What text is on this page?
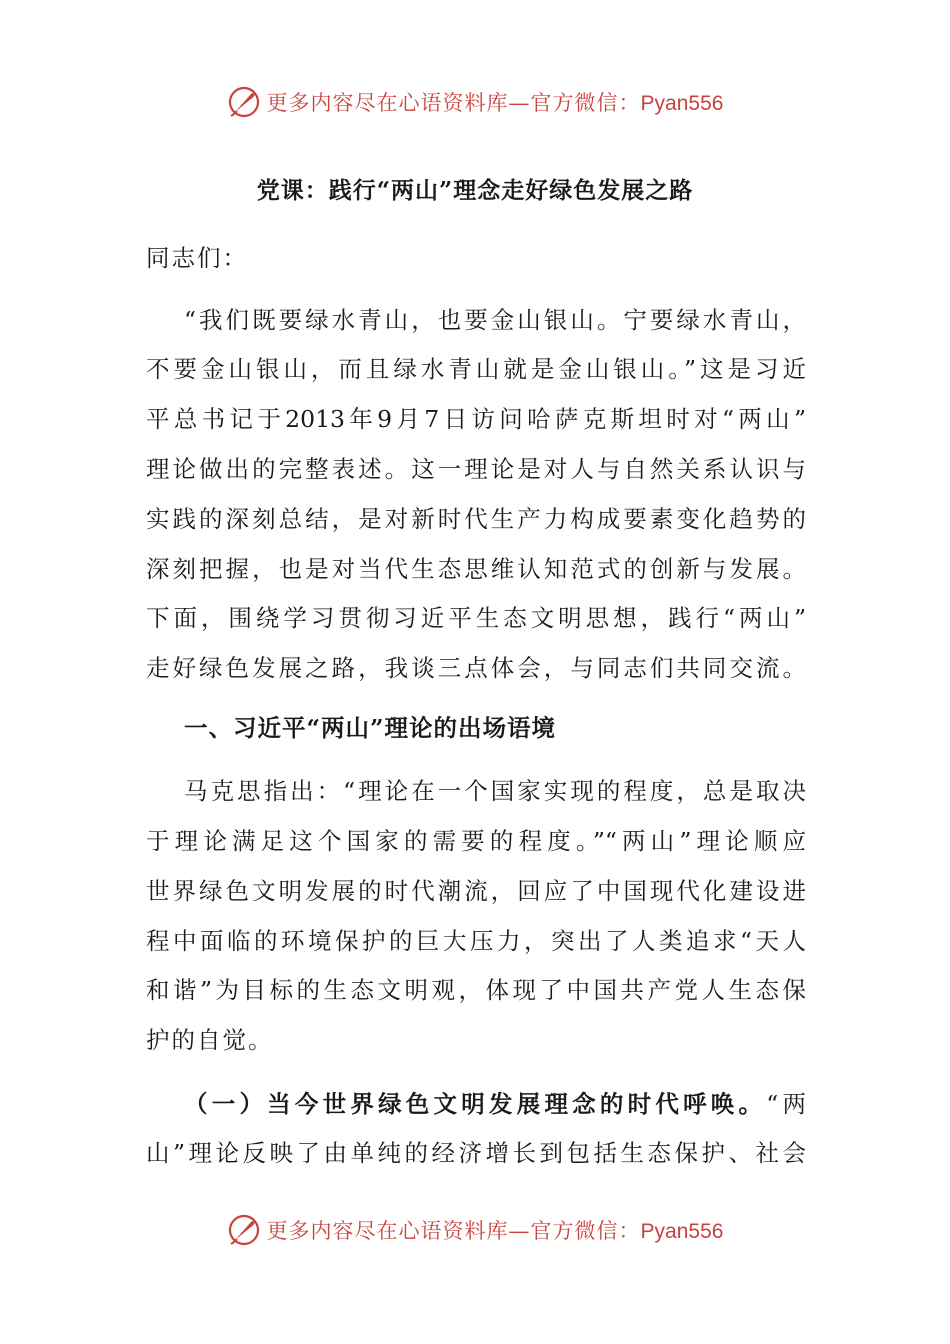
更多内容尽在心语资料库—官方微信：Pyan556
党课：践行“两山”理念走好绿色发展之路
同志们：
“我们既要绿水青山，也要金山银山。宁要绿水青山，
不要金山银山，而且绿水青山就是金山银山。”这是习近
平总书记于2013年9月7日访问哈萨克斯坦时对“两山”
理论做出的完整表述。这一理论是对人与自然关系认识与
实践的深刻总结，是对新时代生产力构成要素变化趋势的
深刻把握，也是对当代生态思维认知范式的创新与发展。
下面，围绕学习贯彻习近平生态文明思想，践行“两山”
走好绿色发展之路，我谈三点体会，与同志们共同交流。
一、习近平“两山”理论的出场语境
马克思指出：“理论在一个国家实现的程度，总是取决
于理论满足这个国家的需要的程度。”“两山”理论顺应
世界绿色文明发展的时代潮流，回应了中国现代化建设进
程中面临的环境保护的巨大压力，突出了人类追求“天人
和谐”为目标的生态文明观，体现了中国共产党人生态保
护的自觉。
（一）当今世界绿色文明发展理念的时代呼唤。“两
山”理论反映了由单纯的经济增长到包括生态保护、社会
更多内容尽在心语资料库—官方微信：Pyan556
